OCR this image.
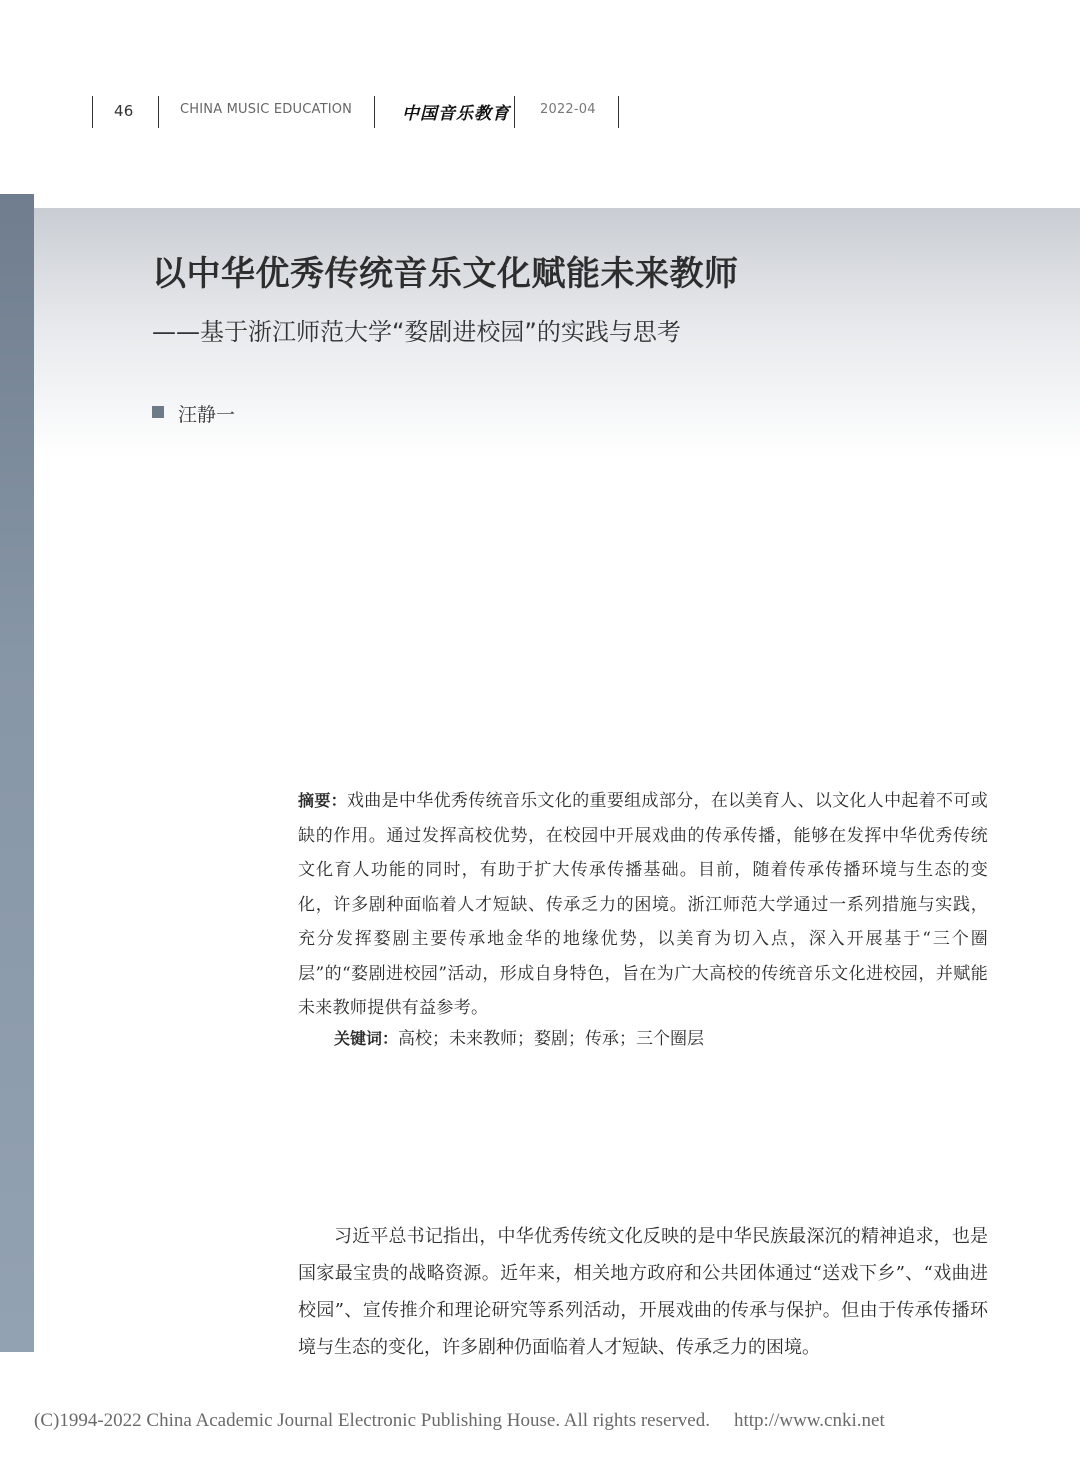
46	CHINA MUSIC EDUCATION	中国音乐教育 2022-04
以中华优秀传统音乐文化赋能未来教师
——基于浙江师范大学“婺剧进校园”的实践与思考
汪静一
摘要：戏曲是中华优秀传统音乐文化的重要组成部分，在以美育人、以文化人中起着不可或缺的作用。通过发挥高校优势，在校园中开展戏曲的传承传播，能够在发挥中华优秀传统文化育人功能的同时，有助于扩大传承传播基础。目前，随着传承传播环境与生态的变化，许多剧种面临着人才短缺、传承乏力的困境。浙江师范大学通过一系列措施与实践，充分发挥婺剧主要传承地金华的地缘优势，以美育为切入点，深入开展基于“三个圈层”的“婺剧进校园”活动，形成自身特色，旨在为广大高校的传统音乐文化进校园，并赋能未来教师提供有益参考。
关键词：高校；未来教师；婺剧；传承；三个圈层
习近平总书记指出，中华优秀传统文化反映的是中华民族最深沉的精神追求，也是国家最宝贵的战略资源。近年来，相关地方政府和公共团体通过“送戏下乡”、“戏曲进校园”、宣传推介和理论研究等系列活动，开展戏曲的传承与保护。但由于传承传播环境与生态的变化，许多剧种仍面临着人才短缺、传承乏力的困境。
(C)1994-2022 China Academic Journal Electronic Publishing House. All rights reserved. http://www.cnki.net
